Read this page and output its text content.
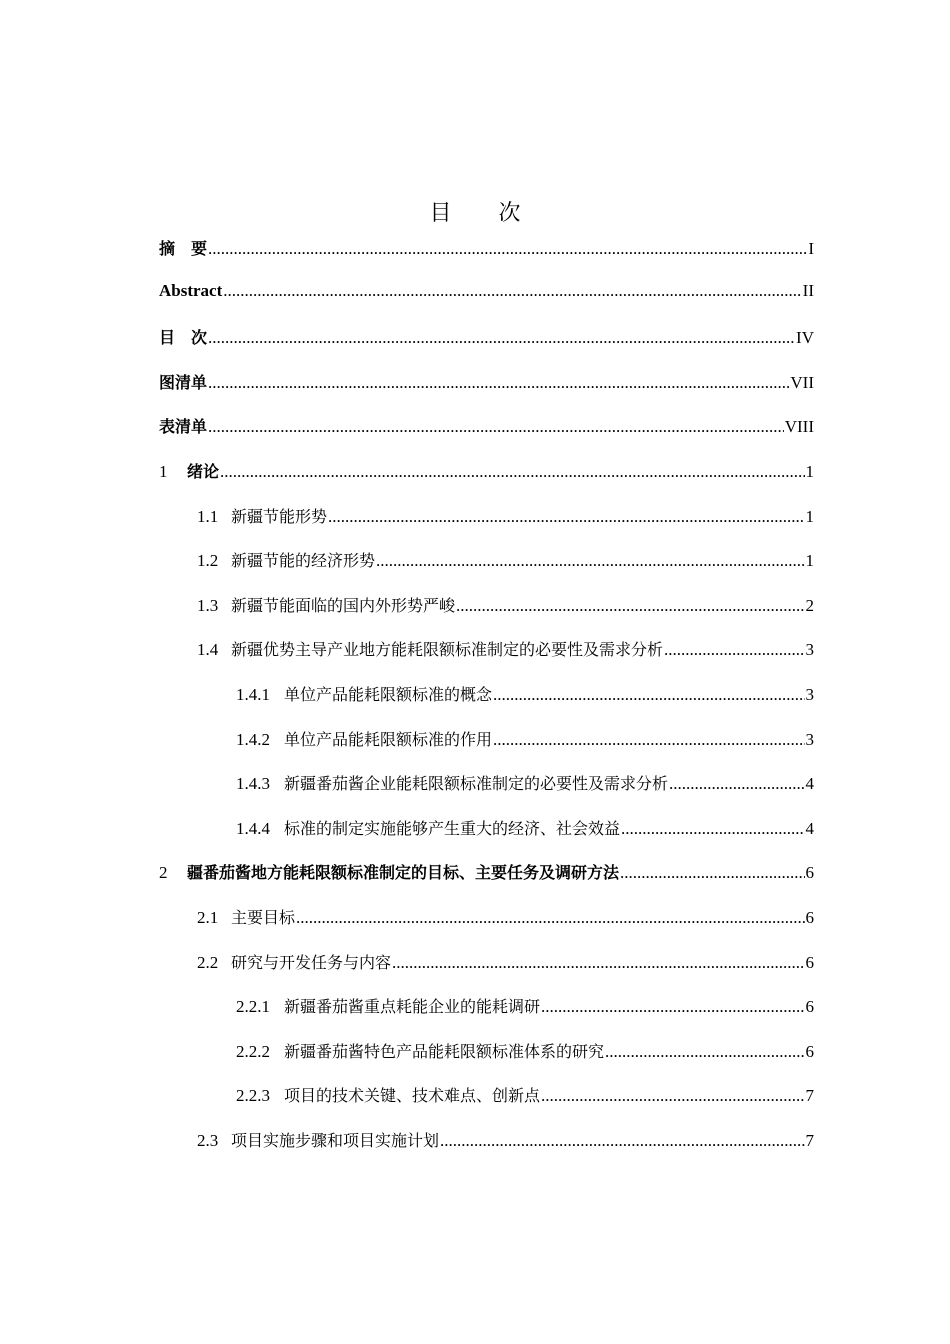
目 次
摘　要 .....	I
Abstract .....	II
目　次 .....	IV
图清单 .....	VII
表清单 .....	VIII
1	绪论 .....	1
1.1 新疆节能形势 .....	1
1.2 新疆节能的经济形势 .....	1
1.3 新疆节能面临的国内外形势严峻 .....	2
1.4 新疆优势主导产业地方能耗限额标准制定的必要性及需求分析 .....	3
1.4.1 单位产品能耗限额标准的概念 .....	3
1.4.2 单位产品能耗限额标准的作用 .....	3
1.4.3 新疆番茄酱企业能耗限额标准制定的必要性及需求分析 .....	4
1.4.4 标准的制定实施能够产生重大的经济、社会效益 .....	4
2	疆番茄酱地方能耗限额标准制定的目标、主要任务及调研方法 .....	6
2.1 主要目标 .....	6
2.2 研究与开发任务与内容 .....	6
2.2.1 新疆番茄酱重点耗能企业的能耗调研 .....	6
2.2.2 新疆番茄酱特色产品能耗限额标准体系的研究 .....	6
2.2.3 项目的技术关键、技术难点、创新点 .....	7
2.3 项目实施步骤和项目实施计划 .....	7
